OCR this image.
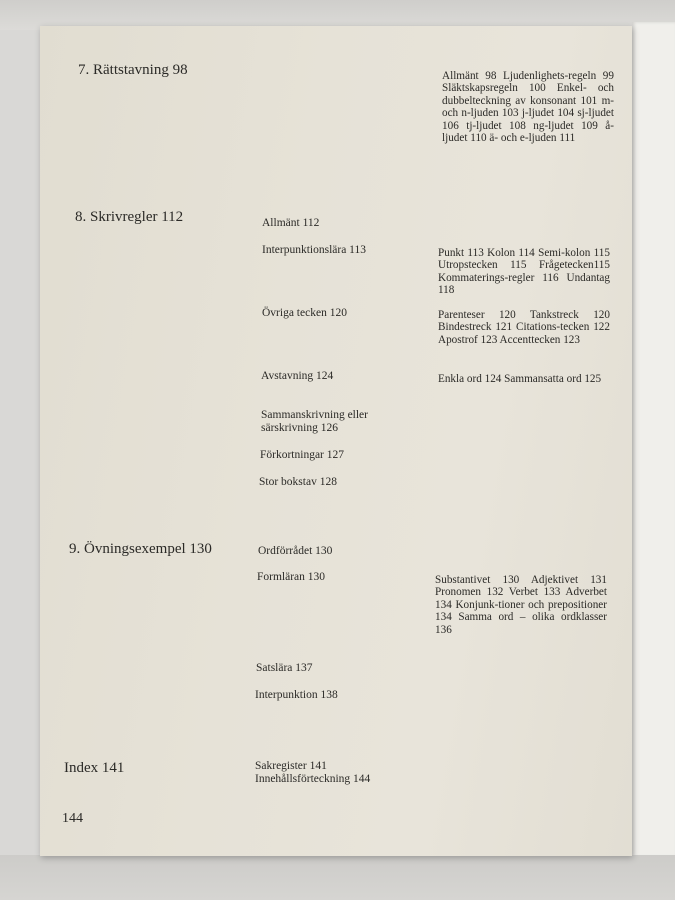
7. Rättstavning 98	Allmänt 98 Ljudenlighets-regeln 99 Släktskapsregeln 100 Enkel- och dubbelteckning av konsonant 101 m- och n-ljuden 103 j-ljudet 104 sj-ljudet 106 tj-ljudet 108 ng-ljudet 109 å-ljudet 110 ä- och e-ljuden 111
8. Skrivregler 112	Allmänt 112
Interpunktionslära 113	Punkt 113 Kolon 114 Semi-kolon 115 Utropstecken 115 Frågetecken115 Kommaterings-regler 116 Undantag 118
Övriga tecken 120	Parenteser 120 Tankstreck 120 Bindestreck 121 Citations-tecken 122 Apostrof 123 Accenttecken 123
Avstavning 124	Enkla ord 124 Sammansatta ord 125
Sammanskrivning eller särskrivning 126
Förkortningar 127
Stor bokstav 128
9. Övningsexempel 130	Ordförrådet 130
Formläran 130	Substantivet 130 Adjektivet 131 Pronomen 132 Verbet 133 Adverbet 134 Konjunk-tioner och prepositioner 134 Samma ord – olika ordklasser 136
Satslära 137
Interpunktion 138
Index 141	Sakregister 141
Innehållsförteckning 144
144
